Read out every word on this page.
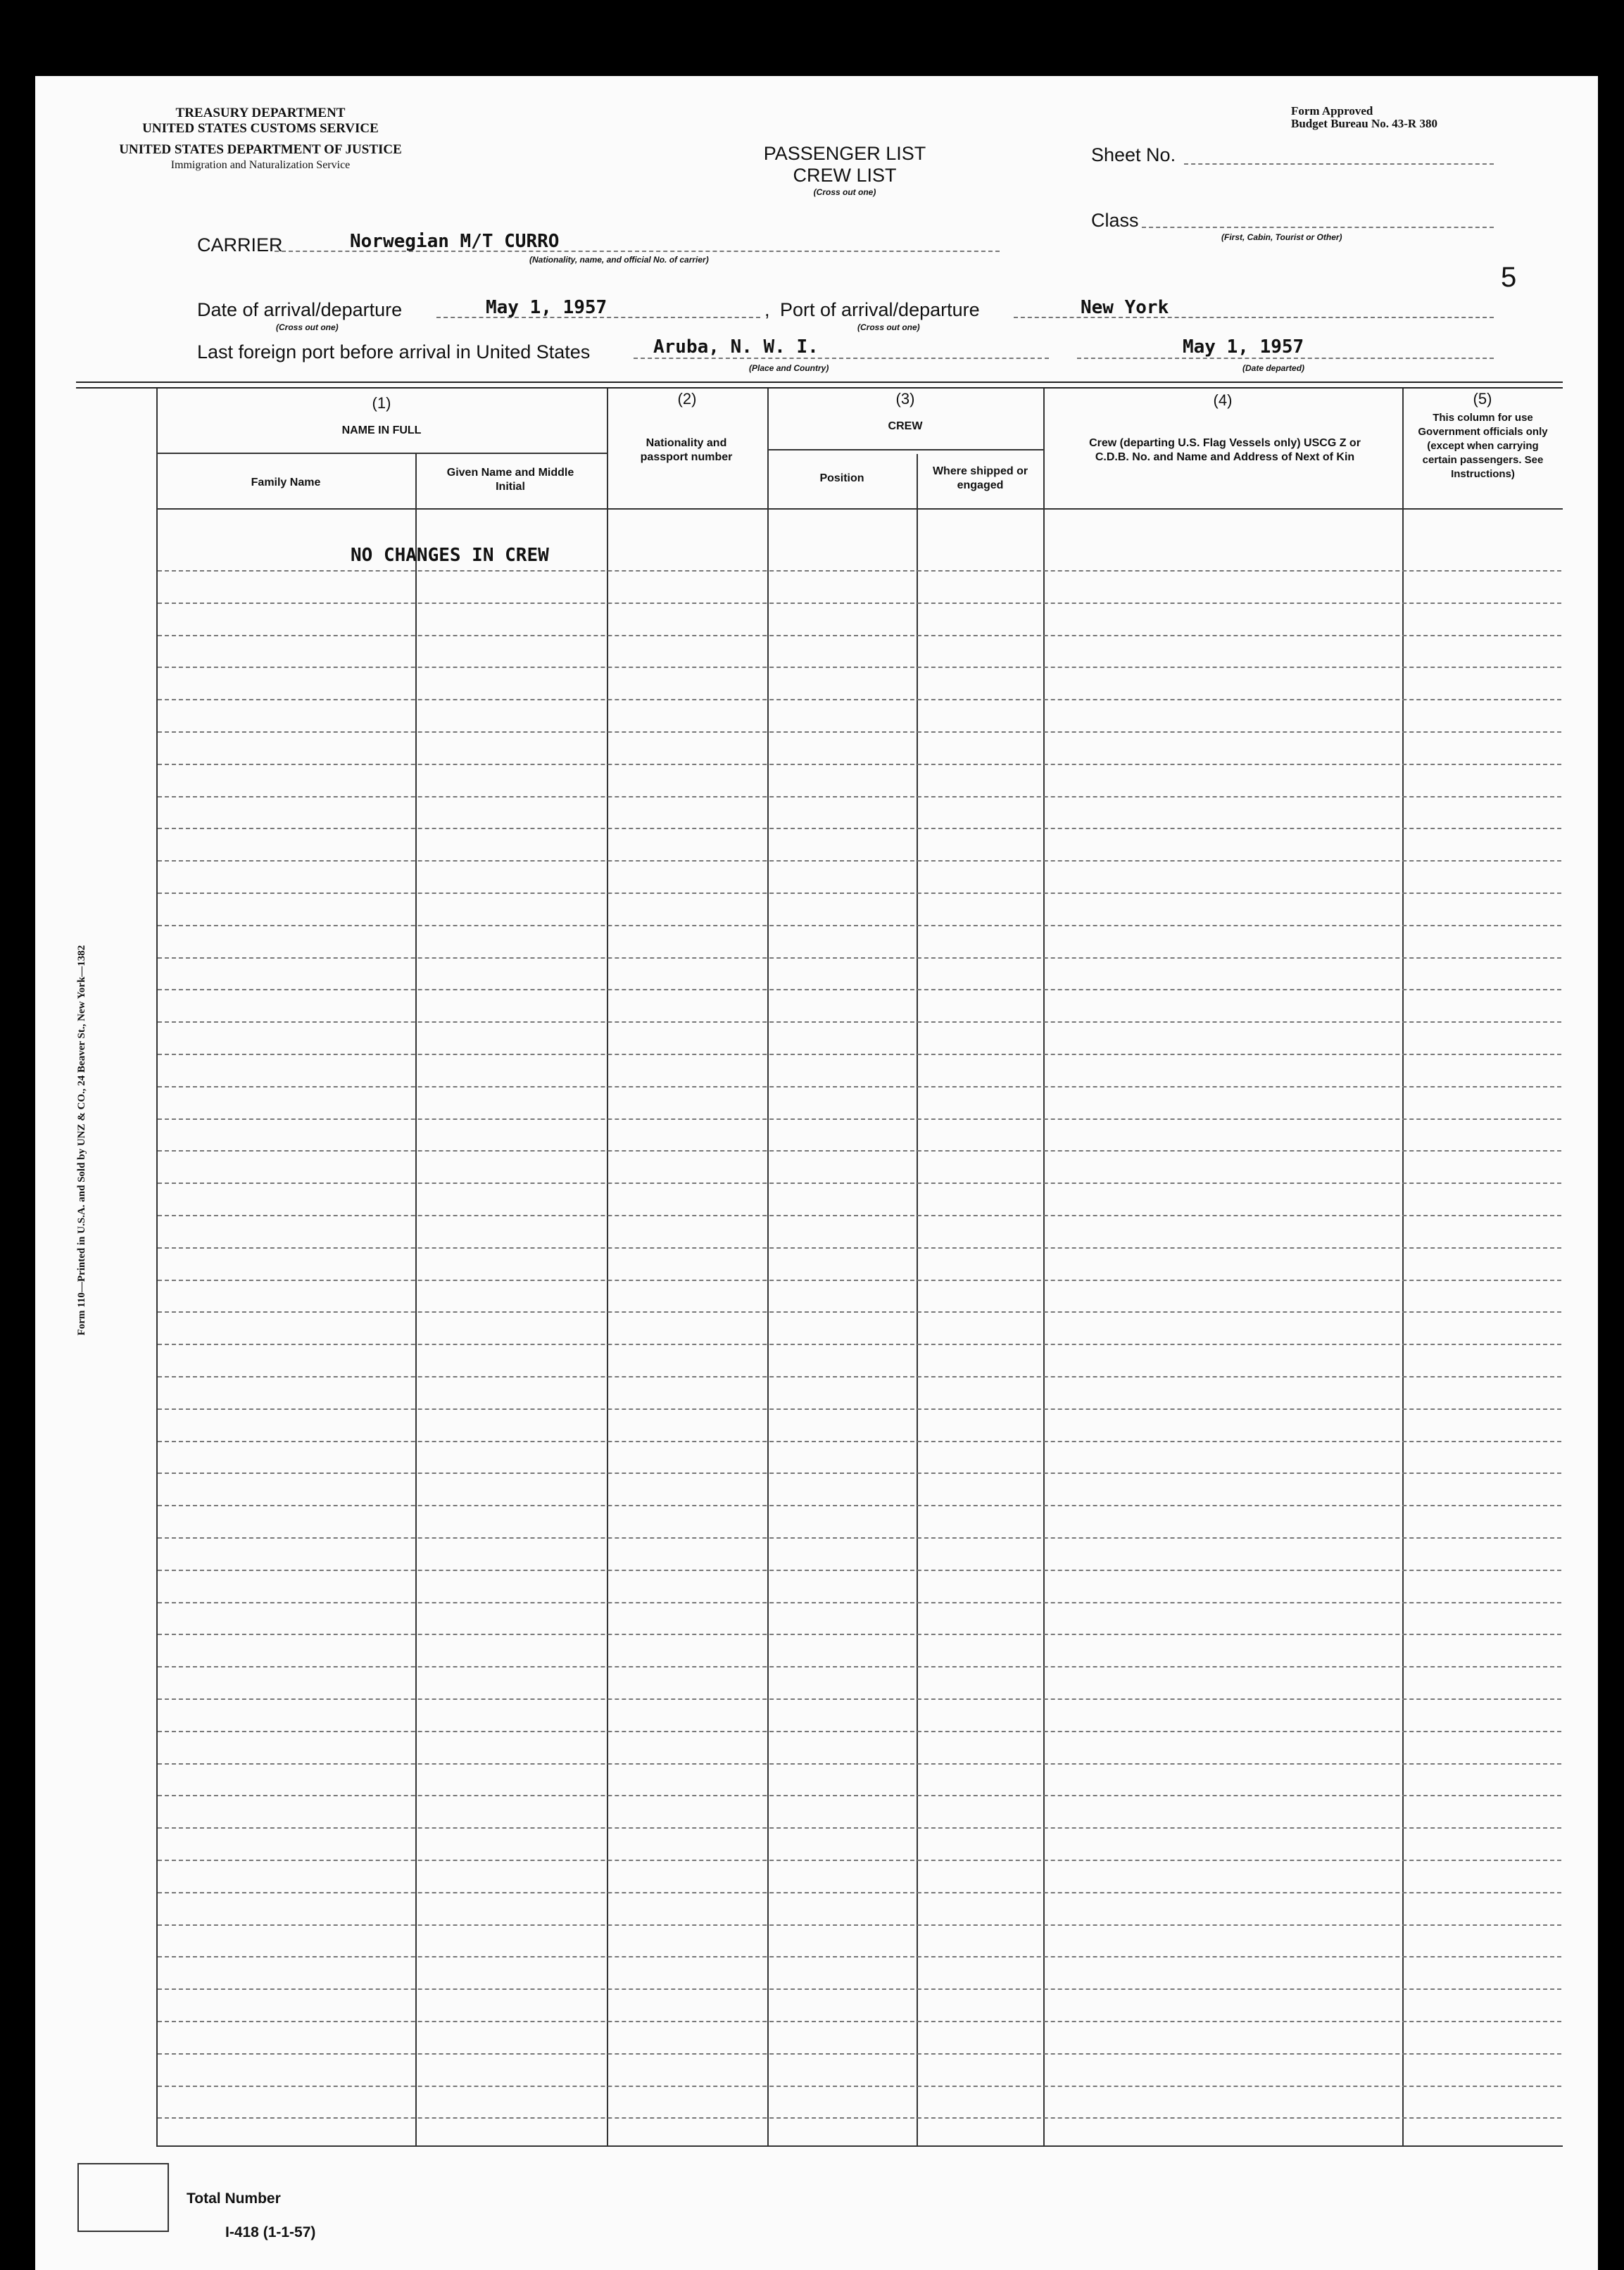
TREASURY DEPARTMENT
UNITED STATES CUSTOMS SERVICE
UNITED STATES DEPARTMENT OF JUSTICE
Immigration and Naturalization Service
Form Approved
Budget Bureau No. 43-R 380
PASSENGER LIST
CREW LIST
(Cross out one)
Sheet No.
Class
(First, Cabin, Tourist or Other)
5
CARRIER	Norwegian M/T CURRO
(Nationality, name, and official No. of carrier)
Date of arrival/departure
(Cross out one)
May 1, 1957	, Port of arrival/departure
(Cross out one)
New York
Last foreign port before arrival in United States	Aruba, N. W. I.
(Place and Country)
May 1, 1957
(Date departed)
(1)
NAME IN FULL
Family Name
Given Name and Middle Initial
(2)
Nationality and passport number
(3)
CREW
Position
Where shipped or engaged
(4)
Crew (departing U.S. Flag Vessels only) USCG Z or C.D.B. No. and Name and Address of Next of Kin
(5)
This column for use Government officials only (except when carrying certain passengers. See Instructions)
NO CHANGES IN CREW
Form 110—Printed in U.S.A. and Sold by UNZ & CO., 24 Beaver St., New York—1382
Total Number
I-418 (1-1-57)
